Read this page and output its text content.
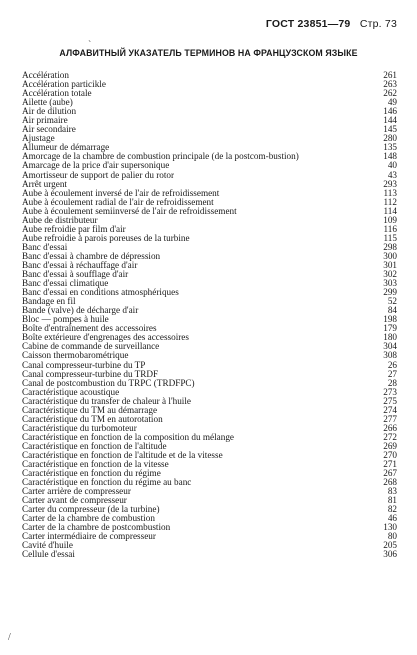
ГОСТ 23851—79 Стр. 73
АЛФАВИТНЫЙ УКАЗАТЕЛЬ ТЕРМИНОВ НА ФРАНЦУЗСКОМ ЯЗЫКЕ
Accélération	261
Accélération particikle	263
Accélération totale	262
Ailette (aube)	49
Air de dilution	146
Air primaire	144
Air secondaire	145
Ajustage	280
Allumeur de démarrage	135
Amorcage de la chambre de combustion principale (de la postcom-bustion)	148
Amarcage de la price d'air supersonique	40
Amortisseur de support de palier du rotor	43
Arrêt urgent	293
Aube à écoulement inversé de l'air de refroidissement	113
Aube à écoulement radial de l'air de refroidissement	112
Aube à écoulement semiinversé de l'air de refroidissement	114
Aube de distributeur	109
Aube refroidie par film d'air	116
Aube refroidie à parois poreuses de la turbine	115
Banc d'essai	298
Banc d'essai à chambre de dépression	300
Banc d'essai à réchauffage d'air	301
Banc d'essai à soufflage d'air	302
Banc d'essai climatique	303
Banc d'essai en conditions atmosphériques	299
Bandage en fil	52
Bande (valve) de décharge d'air	84
Bloc — pompes à huile	198
Boîte d'entraînement des accessoires	179
Boîte extérieure d'engrenages des accessoires	180
Cabine de commande de surveillance	304
Caisson thermobarométrique	308
Canal compresseur-turbine du TP	26
Canal compresseur-turbine du TRDF	27
Canal de postcombustion du TRPC (TRDFPC)	28
Caractéristique acoustique	273
Caractéristique du transfer de chaleur à l'huile	275
Caractéristique du TM au démarrage	274
Caractéristique du TM en autorotation	277
Caractéristique du turbomoteur	266
Caractéristique en fonction de la composition du mélange	272
Caractéristique en fonction de l'altitude	269
Caractéristique en fonction de l'altitude et de la vitesse	270
Caractéristique en fonction de la vitesse	271
Caractéristique en fonction du régime	267
Caractéristique en fonction du régime au banc	268
Carter arrière de compresseur	83
Carter avant de compresseur	81
Carter du compresseur (de la turbine)	82
Carter de la chambre de combustion	46
Carter de la chambre de postcombustion	130
Carter intermédiaire de compresseur	80
Cavité d'huile	205
Cellule d'essai	306
ˋ
/
